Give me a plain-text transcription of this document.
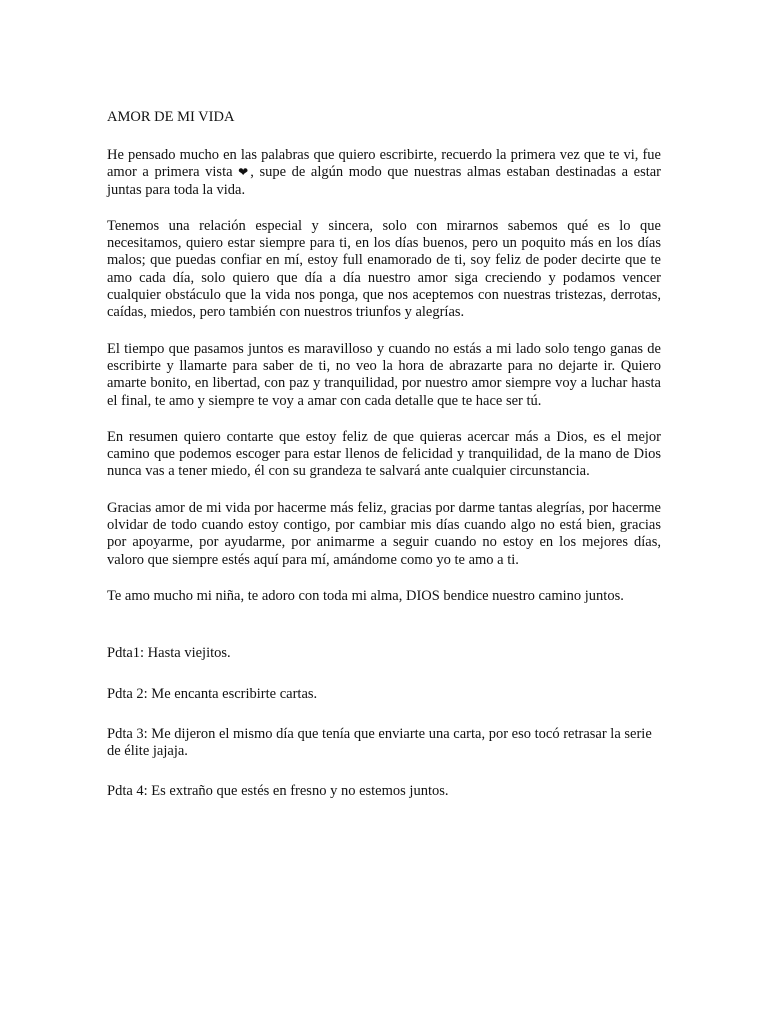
AMOR DE MI VIDA

He pensado mucho en las palabras que quiero escribirte, recuerdo la primera vez que te vi, fue amor a primera vista ❤, supe de algún modo que nuestras almas estaban destinadas a estar juntas para toda la vida.

Tenemos una relación especial y sincera, solo con mirarnos sabemos qué es lo que necesitamos, quiero estar siempre para ti, en los días buenos, pero un poquito más en los días malos; que puedas confiar en mí, estoy full enamorado de ti, soy feliz de poder decirte que te amo cada día, solo quiero que día a día nuestro amor siga creciendo y podamos vencer cualquier obstáculo que la vida nos ponga, que nos aceptemos con nuestras tristezas, derrotas, caídas, miedos, pero también con nuestros triunfos y alegrías.

El tiempo que pasamos juntos es maravilloso y cuando no estás a mi lado solo tengo ganas de escribirte y llamarte para saber de ti, no veo la hora de abrazarte para no dejarte ir. Quiero amarte bonito, en libertad, con paz y tranquilidad, por nuestro amor siempre voy a luchar hasta el final, te amo y siempre te voy a amar con cada detalle que te hace ser tú.

En resumen quiero contarte que estoy feliz de que quieras acercar más a Dios, es el mejor camino que podemos escoger para estar llenos de felicidad y tranquilidad, de la mano de Dios nunca vas a tener miedo, él con su grandeza te salvará ante cualquier circunstancia.

Gracias amor de mi vida por hacerme más feliz, gracias por darme tantas alegrías, por hacerme olvidar de todo cuando estoy contigo, por cambiar mis días cuando algo no está bien, gracias por apoyarme, por ayudarme, por animarme a seguir cuando no estoy en los mejores días, valoro que siempre estés aquí para mí, amándome como yo te amo a ti.

Te amo mucho mi niña, te adoro con toda mi alma, DIOS bendice nuestro camino juntos.

Pdta1: Hasta viejitos.

Pdta 2: Me encanta escribirte cartas.

Pdta 3: Me dijeron el mismo día que tenía que enviarte una carta, por eso tocó retrasar la serie de élite jajaja.

Pdta 4: Es extraño que estés en fresno y no estemos juntos.
